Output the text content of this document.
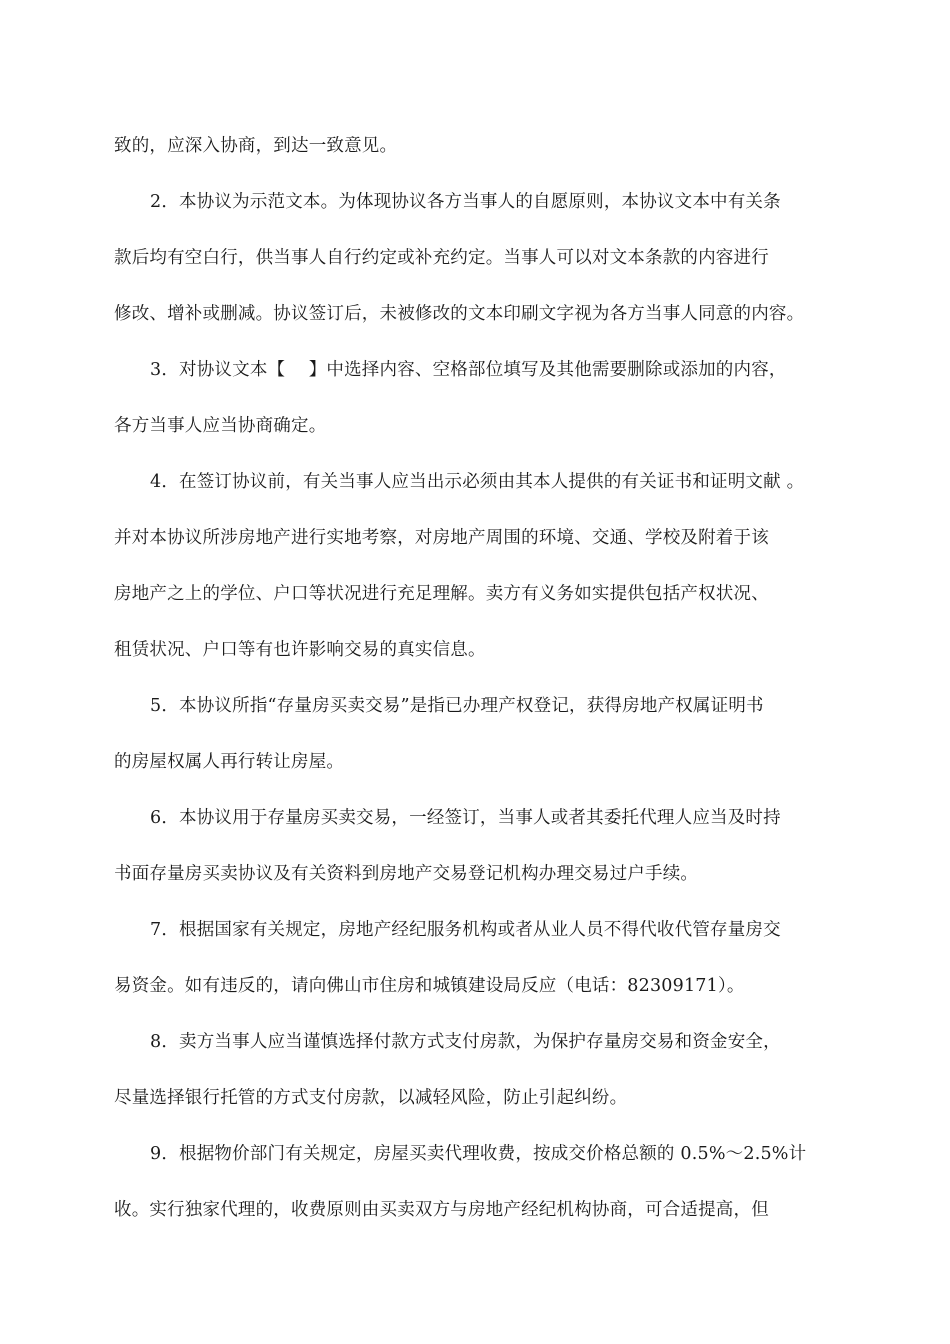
致的，应深入协商，到达一致意见。

2．本协议为示范文本。为体现协议各方当事人的自愿原则，本协议文本中有关条
款后均有空白行，供当事人自行约定或补充约定。当事人可以对文本条款的内容进行
修改、增补或删减。协议签订后，未被修改的文本印刷文字视为各方当事人同意的内容。

3．对协议文本【　 】中选择内容、空格部位填写及其他需要删除或添加的内容，
各方当事人应当协商确定。

4．在签订协议前，有关当事人应当出示必须由其本人提供的有关证书和证明文献 。
并对本协议所涉房地产进行实地考察，对房地产周围的环境、交通、学校及附着于该
房地产之上的学位、户口等状况进行充足理解。卖方有义务如实提供包括产权状况、
租赁状况、户口等有也许影响交易的真实信息。

5．本协议所指“存量房买卖交易”是指已办理产权登记，获得房地产权属证明书
的房屋权属人再行转让房屋。

6．本协议用于存量房买卖交易，一经签订，当事人或者其委托代理人应当及时持
书面存量房买卖协议及有关资料到房地产交易登记机构办理交易过户手续。

7．根据国家有关规定，房地产经纪服务机构或者从业人员不得代收代管存量房交
易资金。如有违反的，请向佛山市住房和城镇建设局反应（电话：82309171）。

8．卖方当事人应当谨慎选择付款方式支付房款，为保护存量房交易和资金安全，
尽量选择银行托管的方式支付房款，以减轻风险，防止引起纠纷。

9．根据物价部门有关规定，房屋买卖代理收费，按成交价格总额的 0.5%～2.5%计
收。实行独家代理的，收费原则由买卖双方与房地产经纪机构协商，可合适提高，但
